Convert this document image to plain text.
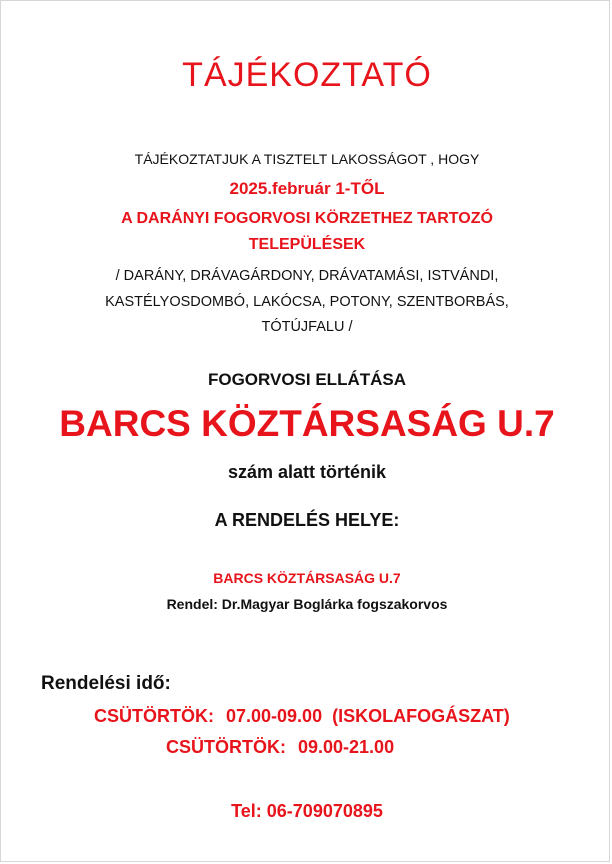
TÁJÉKOZTATÓ
TÁJÉKOZTATJUK A TISZTELT LAKOSSÁGOT , HOGY
2025.február 1-TŐL
A DARÁNYI FOGORVOSI KÖRZETHEZ TARTOZÓ
TELEPÜLÉSEK
/ DARÁNY, DRÁVAGÁRDONY, DRÁVATAMÁSI, ISTVÁNDI,
KASTÉLYOSDOMBÓ, LAKÓCSA, POTONY, SZENTBORBÁS,
TÓTÚJFALU /
FOGORVOSI ELLÁTÁSA
BARCS KÖZTÁRSASÁG U.7
szám alatt történik
A RENDELÉS HELYE:
BARCS KÖZTÁRSASÁG U.7
Rendel: Dr.Magyar Boglárka fogszakorvos
Rendelési idő:
CSÜTÖRTÖK: 07.00-09.00 (ISKOLAFOGÁSZAT)
CSÜTÖRTÖK: 09.00-21.00
Tel: 06-709070895
